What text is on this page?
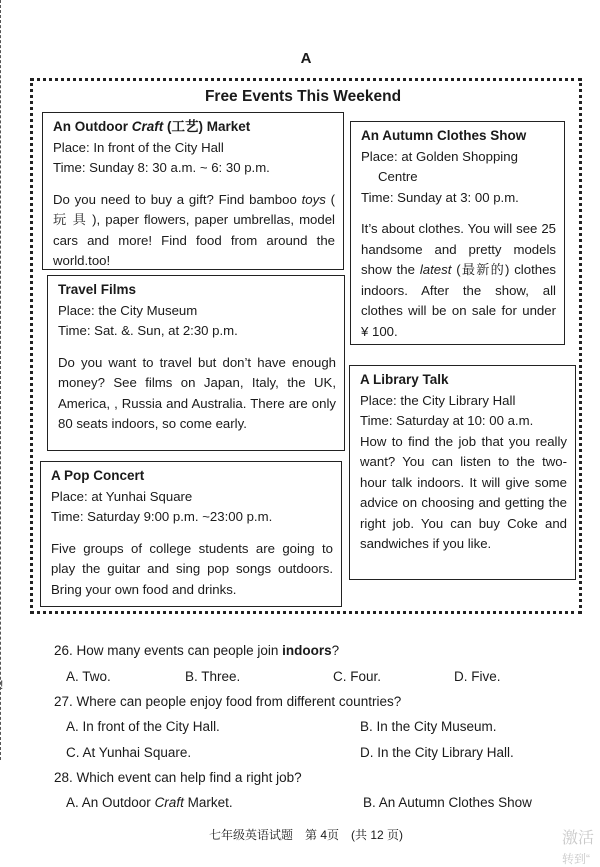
A
Free Events This Weekend
An Outdoor Craft (工艺) Market
Place: In front of the City Hall
Time: Sunday 8: 30 a.m. ~ 6: 30 p.m.
Do you need to buy a gift? Find bamboo toys ( 玩 具 ), paper flowers, paper umbrellas, model cars and more! Find food from around the world.too!
Travel Films
Place: the City Museum
Time: Sat. &. Sun, at 2:30 p.m.
Do you want to travel but don’t have enough money? See films on Japan, Italy, the UK, America, , Russia and Australia. There are only 80 seats indoors, so come early.
A Pop Concert
Place: at Yunhai Square
Time: Saturday 9:00 p.m. ~23:00 p.m.
Five groups of college students are going to play the guitar and sing pop songs outdoors. Bring your own food and drinks.
An Autumn Clothes Show
Place: at Golden Shopping
Centre
Time: Sunday at 3: 00 p.m.
It’s about clothes. You will see 25 handsome and pretty models show the latest (最新的) clothes indoors. After the show, all clothes will be on sale for under ¥ 100.
A Library Talk
Place: the City Library Hall
Time: Saturday at 10: 00 a.m.
How to find the job that you really want? You can listen to the two-hour talk indoors. It will give some advice on choosing and getting the right job. You can buy Coke and sandwiches if you like.
26. How many events can people join indoors?
A. Two.	B. Three.	C. Four.	D. Five.
27. Where can people enjoy food from different countries?
A. In front of the City Hall.	B. In the City Museum.
C. At Yunhai Square.	D. In the City Library Hall.
28. Which event can help find a right job?
A. An Outdoor Craft Market.	B. An Autumn Clothes Show
七年级英语试题　第 4页　(共 12 页)	激活
转到“
!
